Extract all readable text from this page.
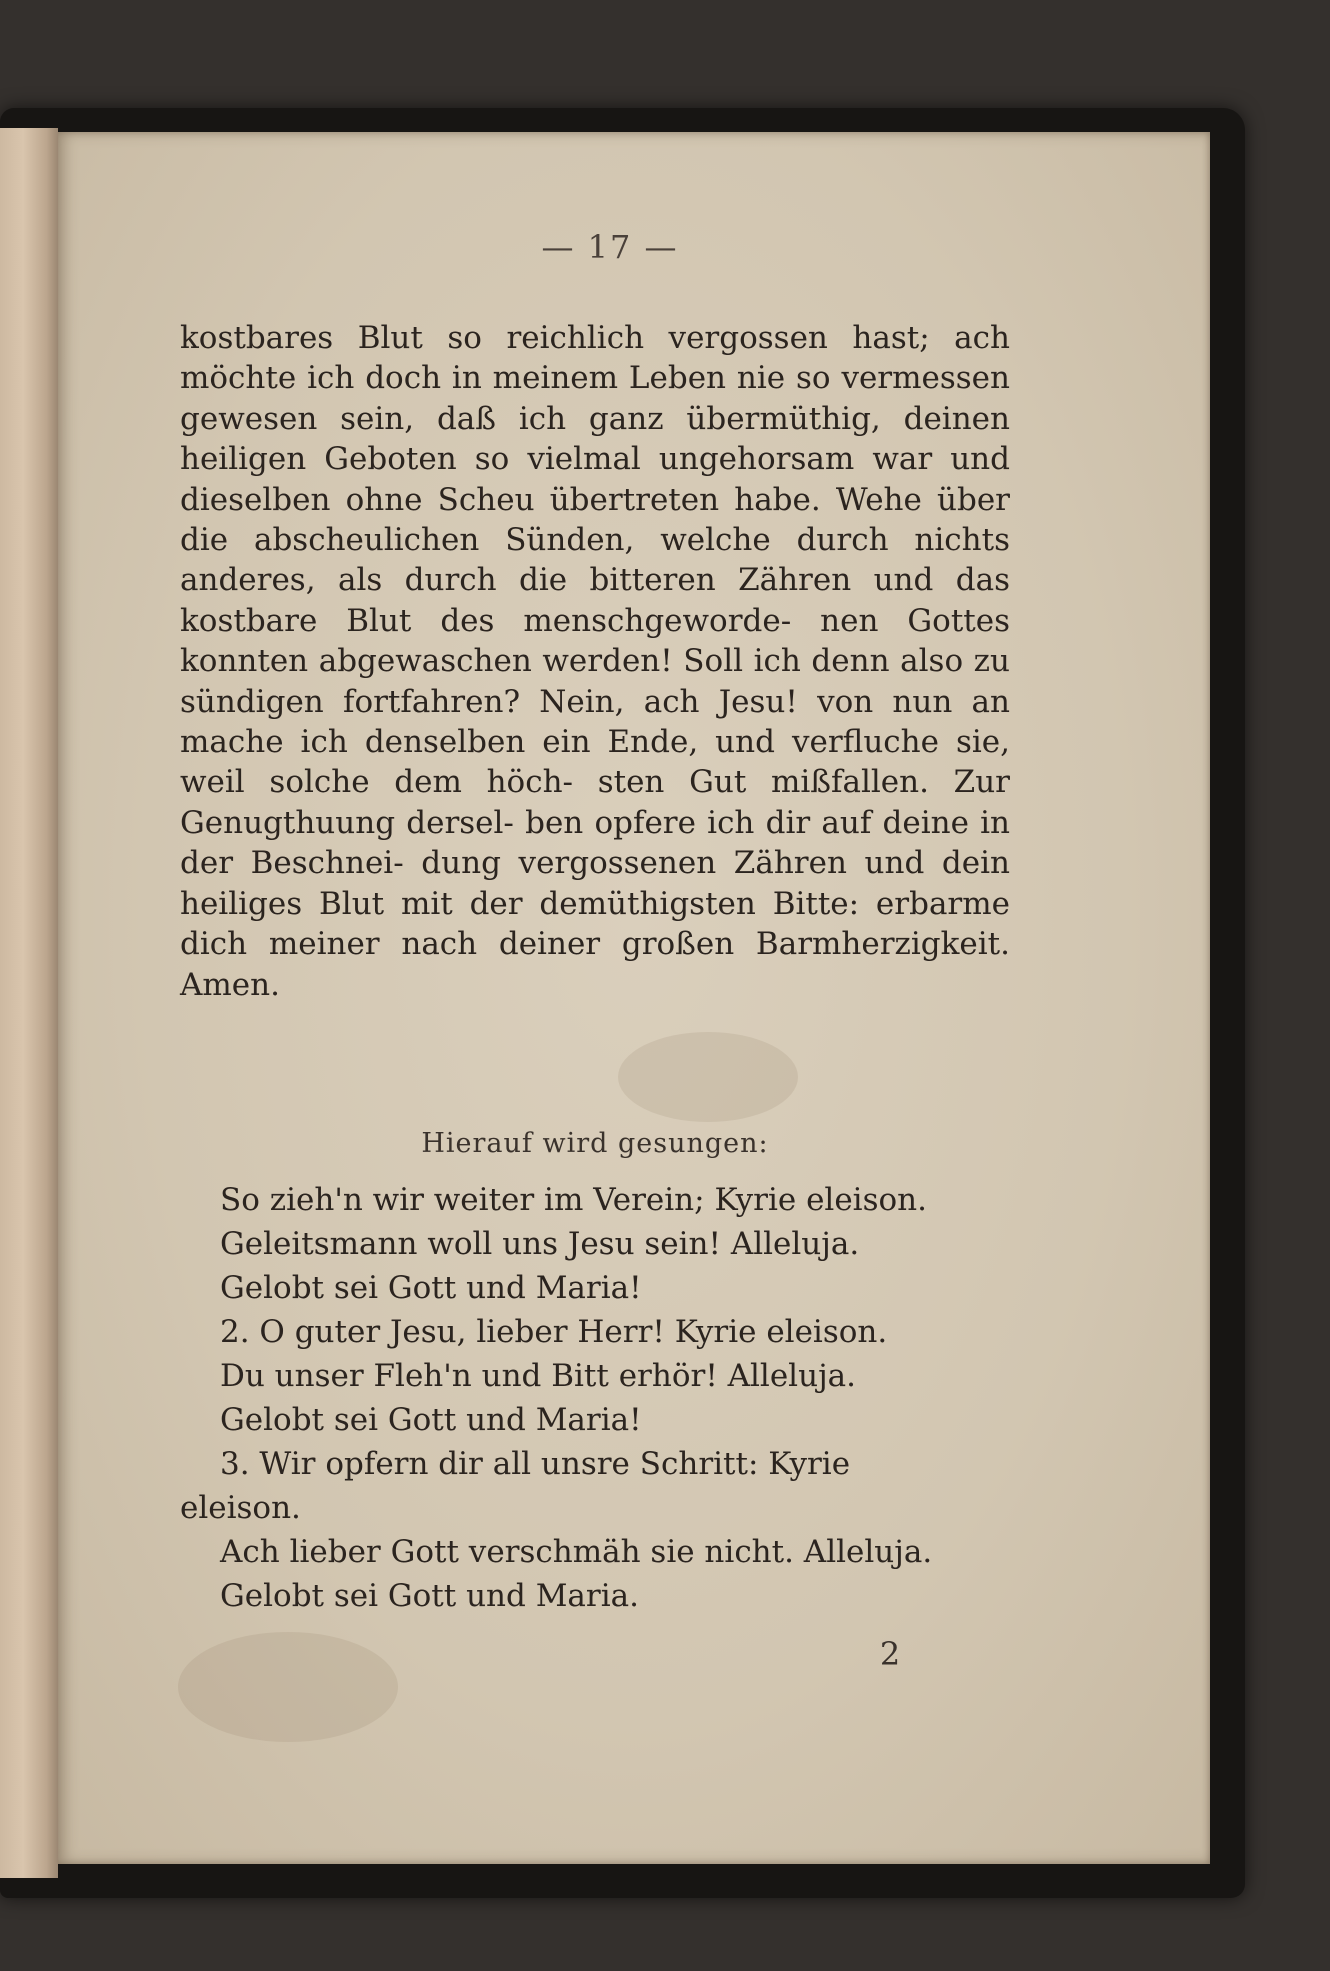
— 17 —

kostbares Blut so reichlich vergossen hast; ach möchte ich doch in meinem Leben nie so vermessen gewesen sein, daß ich ganz übermüthig, deinen heiligen Geboten so vielmal ungehorsam war und dieselben ohne Scheu übertreten habe. Wehe über die abscheulichen Sünden, welche durch nichts anderes, als durch die bitteren Zähren und das kostbare Blut des menschgeworde- nen Gottes konnten abgewaschen werden! Soll ich denn also zu sündigen fortfahren? Nein, ach Jesu! von nun an mache ich denselben ein Ende, und verfluche sie, weil solche dem höch- sten Gut mißfallen. Zur Genugthuung dersel- ben opfere ich dir auf deine in der Beschnei- dung vergossenen Zähren und dein heiliges Blut mit der demüthigsten Bitte: erbarme dich meiner nach deiner großen Barmherzigkeit. Amen.

Hierauf wird gesungen:
So zieh'n wir weiter im Verein; Kyrie eleison.
Geleitsmann woll uns Jesu sein! Alleluja.
Gelobt sei Gott und Maria!
2. O guter Jesu, lieber Herr! Kyrie eleison.
Du unser Fleh'n und Bitt erhör! Alleluja.
Gelobt sei Gott und Maria!
3. Wir opfern dir all unsre Schritt: Kyrie
eleison.
Ach lieber Gott verschmäh sie nicht. Alleluja.
Gelobt sei Gott und Maria.
2
